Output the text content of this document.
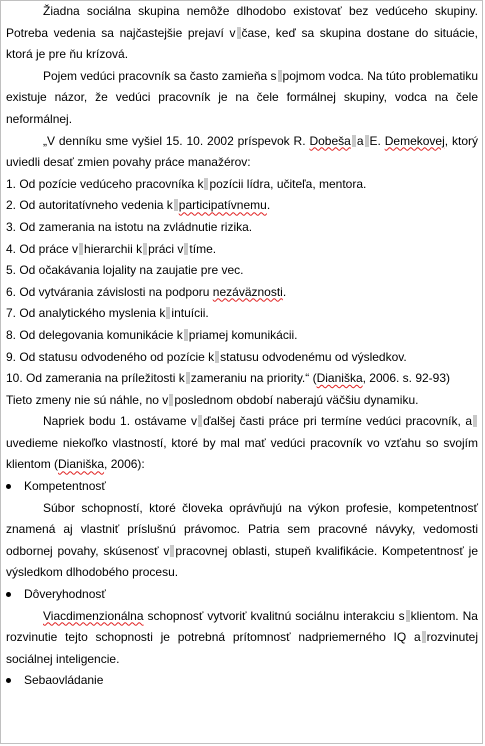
Žiadna sociálna skupina nemôže dlhodobo existovať bez vedúceho skupiny. Potreba vedenia sa najčastejšie prejaví v čase, keď sa skupina dostane do situácie, ktorá je pre ňu krízová.

Pojem vedúci pracovník sa často zamieňa s pojmom vodca. Na túto problematiku existuje názor, že vedúci pracovník je na čele formálnej skupiny, vodca na čele neformálnej.

„V denníku sme vyšiel 15. 10. 2002 príspevok R. Dobeša a E. Demekovej, ktorý uviedli desať zmien povahy práce manažérov:

1. Od pozície vedúceho pracovníka k pozícii lídra, učiteľa, mentora.

2. Od autoritatívneho vedenia k participatívnemu.

3. Od zamerania na istotu na zvládnutie rizika.

4. Od práce v hierarchii k práci v tíme.

5. Od očakávania lojality na zaujatie pre vec.

6. Od vytvárania závislosti na podporu nezáväznosti.

7. Od analytického myslenia k intuícii.

8. Od delegovania komunikácie k priamej komunikácii.

9. Od statusu odvodeného od pozície k statusu odvodenému od výsledkov.

10. Od zamerania na príležitosti k zameraniu na priority.“ (Dianiška, 2006. s. 92-93)

Tieto zmeny nie sú náhle, no v poslednom období naberajú väčšiu dynamiku.

Napriek bodu 1. ostávame v ďalšej časti práce pri termíne vedúci pracovník, auvedieme niekoľko vlastností, ktoré by mal mať vedúci pracovník vo vzťahu so svojím klientom (Dianiška, 2006):

Kompetentnosť

Súbor schopností, ktoré človeka oprávňujú na výkon profesie, kompetentnosť znamená aj vlastniť príslušnú právomoc. Patria sem pracovné návyky, vedomosti odbornej povahy, skúsenosť v pracovnej oblasti, stupeň kvalifikácie. Kompetentnosť je výsledkom dlhodobého procesu.

Dôveryhodnosť

Viacdimenzionálna schopnosť vytvoriť kvalitnú sociálnu interakciu s klientom. Na rozvinutie tejto schopnosti je potrebná prítomnosť nadpriemerného IQ a rozvinutej sociálnej inteligencie.

Sebaovládanie
